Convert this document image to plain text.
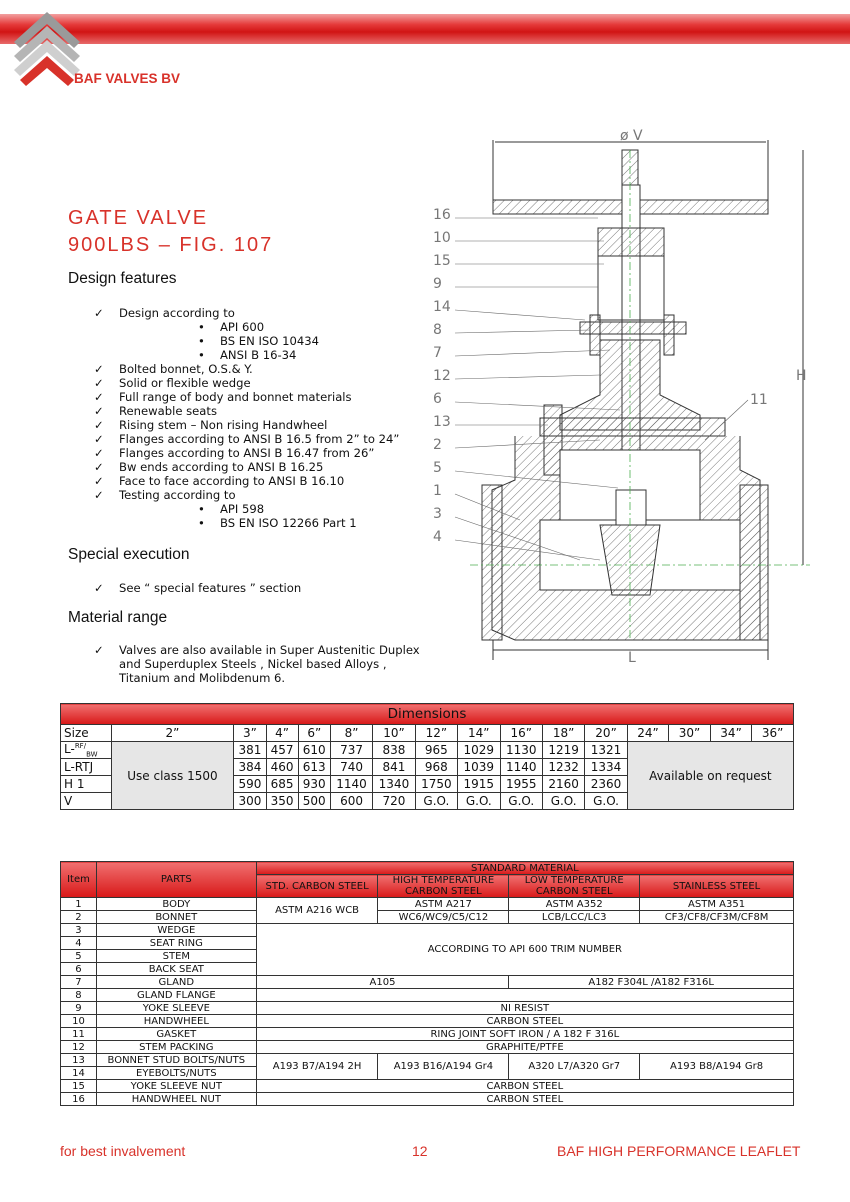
BAF VALVES BV
GATE VALVE
900LBS – FIG. 107
Design features
✓	Design according to
• API 600
• BS EN ISO 10434
• ANSI B 16-34
✓	Bolted bonnet, O.S.& Y.
✓	Solid or flexible wedge
✓	Full range of body and bonnet materials
✓	Renewable seats
✓	Rising stem – Non rising Handwheel
✓	Flanges according to ANSI B 16.5 from 2” to 24”
✓	Flanges according to ANSI B 16.47 from 26”
✓	Bw ends according to ANSI B 16.25
✓	Face to face according to ANSI B 16.10
✓	Testing according to
• API 598
• BS EN ISO 12266 Part 1
Special execution
✓	See “ special features ” section
Material range
✓	Valves are also available in Super Austenitic Duplex
and Superduplex Steels , Nickel based Alloys ,
Titanium and Molibdenum 6.
16
10
15
9
14
8
7
12
6
13
2
5
1
3
4
11
ø V
L
H
Dimensions															
Size	2”	3”	4”	6”	8”	10”	12”	14”	16”	18”	20”	24”	30”	34”	36”
L-$^{RF/}_{BW}$	Use class 1500	381	457	610	737	838	965	1029	1130	1219	1321	Available on request			
L-RTJ		384	460	613	740	841	968	1039	1140	1232	1334				
H 1		590	685	930	1140	1340	1750	1915	1955	2160	2360				
V		300	350	500	600	720	G.O.	G.O.	G.O.	G.O.	G.O.				
Item	PARTS	STANDARD MATERIAL			
		STD. CARBON STEEL	HIGH TEMPERATURE CARBON STEEL	LOW TEMPERATURE CARBON STEEL	STAINLESS STEEL
1	BODY	ASTM A216 WCB	ASTM A217	ASTM A352	ASTM A351
2	BONNET		WC6/WC9/C5/C12	LCB/LCC/LC3	CF3/CF8/CF3M/CF8M
3	WEDGE	ACCORDING TO API 600 TRIM NUMBER			
4	SEAT RING				
5	STEM				
6	BACK SEAT				
7	GLAND	A105		A182 F304L /A182 F316L	
8	GLAND FLANGE				
9	YOKE SLEEVE	NI RESIST			
10	HANDWHEEL	CARBON STEEL			
11	GASKET	RING JOINT SOFT IRON / A 182 F 316L			
12	STEM PACKING	GRAPHITE/PTFE			
13	BONNET STUD BOLTS/NUTS	A193 B7/A194 2H	A193 B16/A194 Gr4	A320 L7/A320 Gr7	A193 B8/A194 Gr8
14	EYEBOLTS/NUTS				
15	YOKE SLEEVE NUT	CARBON STEEL			
16	HANDWHEEL NUT	CARBON STEEL			
for best invalvement	12	BAF HIGH PERFORMANCE LEAFLET
